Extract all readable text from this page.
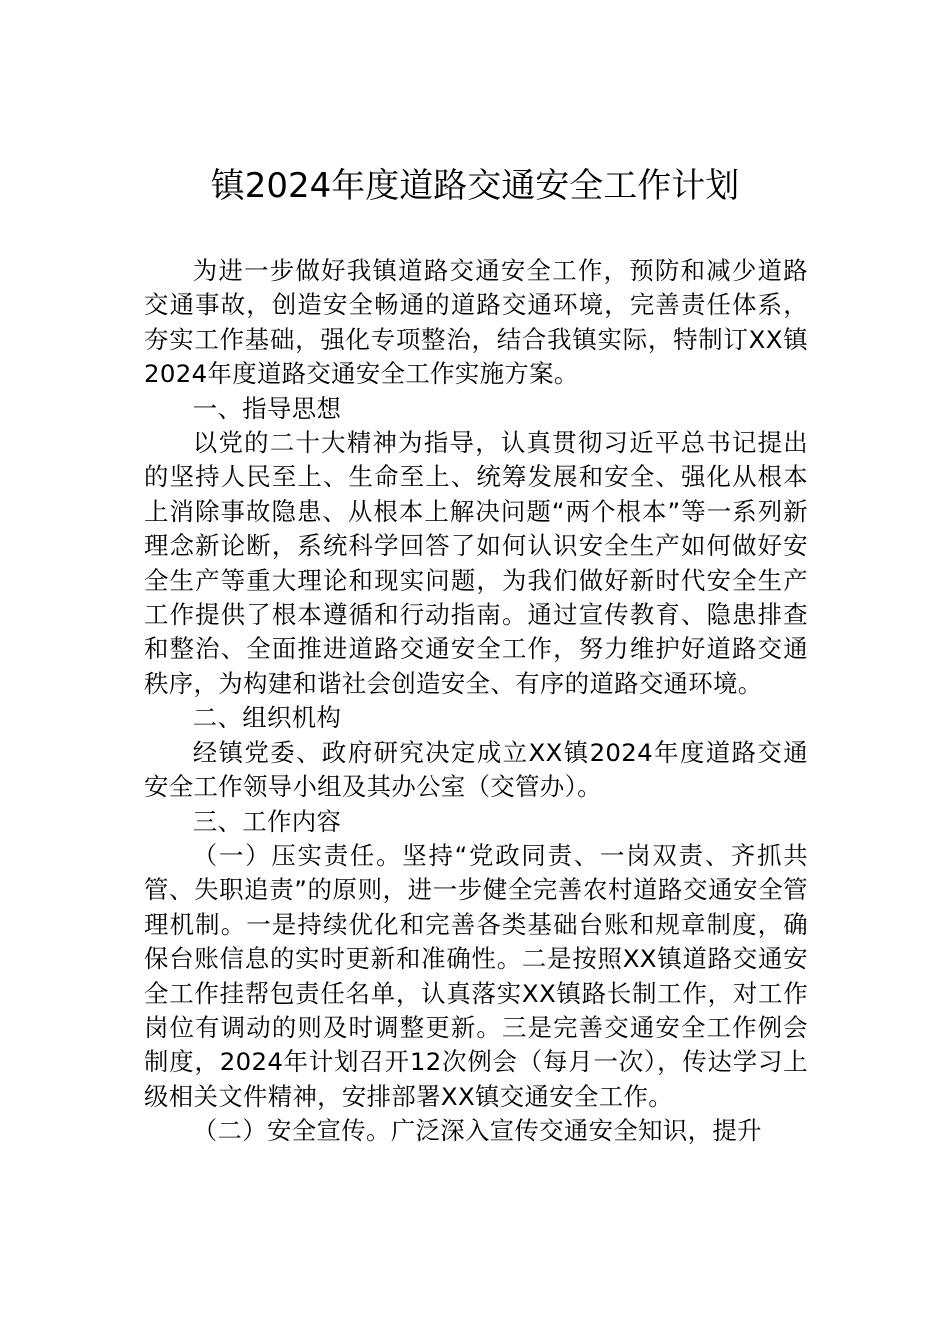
镇2024年度道路交通安全工作计划

为进一步做好我镇道路交通安全工作，预防和减少道路交通事故，创造安全畅通的道路交通环境，完善责任体系，夯实工作基础，强化专项整治，结合我镇实际，特制订XX镇2024年度道路交通安全工作实施方案。

一、指导思想

以党的二十大精神为指导，认真贯彻习近平总书记提出的坚持人民至上、生命至上、统筹发展和安全、强化从根本上消除事故隐患、从根本上解决问题“两个根本”等一系列新理念新论断，系统科学回答了如何认识安全生产如何做好安全生产等重大理论和现实问题，为我们做好新时代安全生产工作提供了根本遵循和行动指南。通过宣传教育、隐患排查和整治、全面推进道路交通安全工作，努力维护好道路交通秩序，为构建和谐社会创造安全、有序的道路交通环境。

二、组织机构

经镇党委、政府研究决定成立XX镇2024年度道路交通安全工作领导小组及其办公室（交管办）。

三、工作内容

（一）压实责任。坚持“党政同责、一岗双责、齐抓共管、失职追责”的原则，进一步健全完善农村道路交通安全管理机制。一是持续优化和完善各类基础台账和规章制度，确保台账信息的实时更新和准确性。二是按照XX镇道路交通安全工作挂帮包责任名单，认真落实XX镇路长制工作，对工作岗位有调动的则及时调整更新。三是完善交通安全工作例会制度，2024年计划召开12次例会（每月一次），传达学习上级相关文件精神，安排部署XX镇交通安全工作。

（二）安全宣传。广泛深入宣传交通安全知识，提升
